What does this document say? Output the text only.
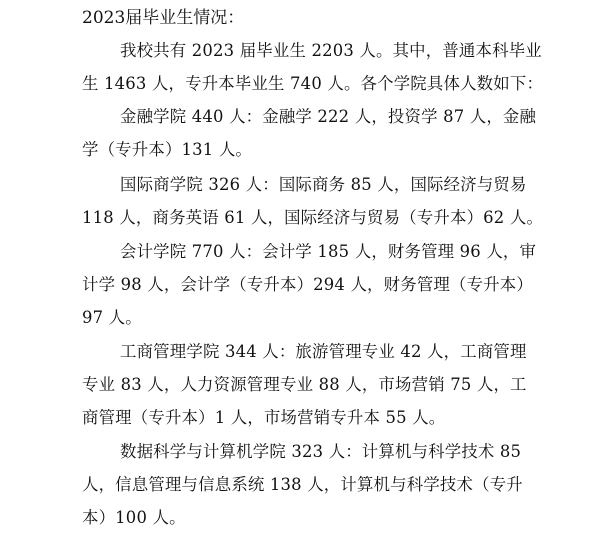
2023届毕业生情况：
我校共有 2023 届毕业生 2203 人。其中，普通本科毕业
生 1463 人，专升本毕业生 740 人。各个学院具体人数如下：
金融学院 440 人：金融学 222 人，投资学 87 人，金融
学（专升本）131 人。
国际商学院 326 人：国际商务 85 人，国际经济与贸易
118 人，商务英语 61 人，国际经济与贸易（专升本）62 人。
会计学院 770 人：会计学 185 人，财务管理 96 人，审
计学 98 人，会计学（专升本）294 人，财务管理（专升本）
97 人。
工商管理学院 344 人：旅游管理专业 42 人，工商管理
专业 83 人，人力资源管理专业 88 人，市场营销 75 人，工
商管理（专升本）1 人，市场营销专升本 55 人。
数据科学与计算机学院 323 人：计算机与科学技术 85
人，信息管理与信息系统 138 人，计算机与科学技术（专升
本）100 人。
